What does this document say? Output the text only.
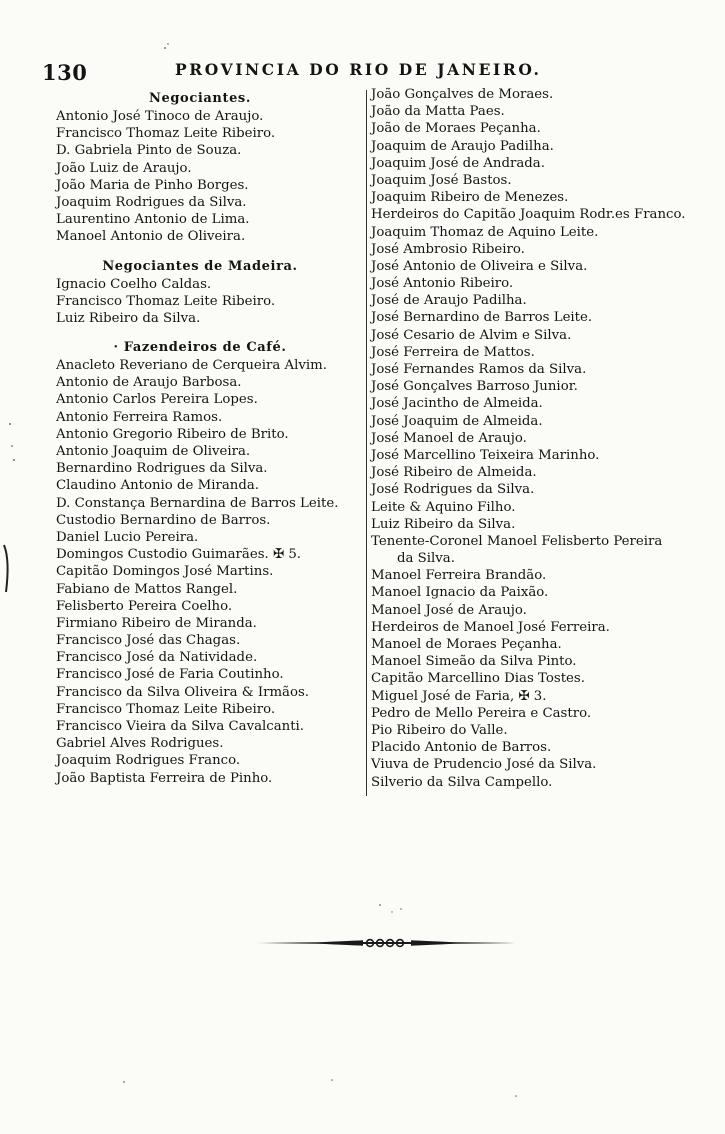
130	PROVINCIA DO RIO DE JANEIRO.
Negociantes.
Antonio José Tinoco de Araujo.
Francisco Thomaz Leite Ribeiro.
D. Gabriela Pinto de Souza.
João Luiz de Araujo.
João Maria de Pinho Borges.
Joaquim Rodrigues da Silva.
Laurentino Antonio de Lima.
Manoel Antonio de Oliveira.
Negociantes de Madeira.
Ignacio Coelho Caldas.
Francisco Thomaz Leite Ribeiro.
Luiz Ribeiro da Silva.
· Fazendeiros de Café.
Anacleto Reveriano de Cerqueira Alvim.
Antonio de Araujo Barbosa.
Antonio Carlos Pereira Lopes.
Antonio Ferreira Ramos.
Antonio Gregorio Ribeiro de Brito.
Antonio Joaquim de Oliveira.
Bernardino Rodrigues da Silva.
Claudino Antonio de Miranda.
D. Constança Bernardina de Barros Leite.
Custodio Bernardino de Barros.
Daniel Lucio Pereira.
Domingos Custodio Guimarães. ✠ 5.
Capitão Domingos José Martins.
Fabiano de Mattos Rangel.
Felisberto Pereira Coelho.
Firmiano Ribeiro de Miranda.
Francisco José das Chagas.
Francisco José da Natividade.
Francisco José de Faria Coutinho.
Francisco da Silva Oliveira & Irmãos.
Francisco Thomaz Leite Ribeiro.
Francisco Vieira da Silva Cavalcanti.
Gabriel Alves Rodrigues.
Joaquim Rodrigues Franco.
João Baptista Ferreira de Pinho.
João Gonçalves de Moraes.
João da Matta Paes.
João de Moraes Peçanha.
Joaquim de Araujo Padilha.
Joaquim José de Andrada.
Joaquim José Bastos.
Joaquim Ribeiro de Menezes.
Herdeiros do Capitão Joaquim Rodr.es Franco.
Joaquim Thomaz de Aquino Leite.
José Ambrosio Ribeiro.
José Antonio de Oliveira e Silva.
José Antonio Ribeiro.
José de Araujo Padilha.
José Bernardino de Barros Leite.
José Cesario de Alvim e Silva.
José Ferreira de Mattos.
José Fernandes Ramos da Silva.
José Gonçalves Barroso Junior.
José Jacintho de Almeida.
José Joaquim de Almeida.
José Manoel de Araujo.
José Marcellino Teixeira Marinho.
José Ribeiro de Almeida.
José Rodrigues da Silva.
Leite & Aquino Filho.
Luiz Ribeiro da Silva.
Tenente-Coronel Manoel Felisberto Pereira
da Silva.
Manoel Ferreira Brandão.
Manoel Ignacio da Paixão.
Manoel José de Araujo.
Herdeiros de Manoel José Ferreira.
Manoel de Moraes Peçanha.
Manoel Simeão da Silva Pinto.
Capitão Marcellino Dias Tostes.
Miguel José de Faria, ✠ 3.
Pedro de Mello Pereira e Castro.
Pio Ribeiro do Valle.
Placido Antonio de Barros.
Viuva de Prudencio José da Silva.
Silverio da Silva Campello.
